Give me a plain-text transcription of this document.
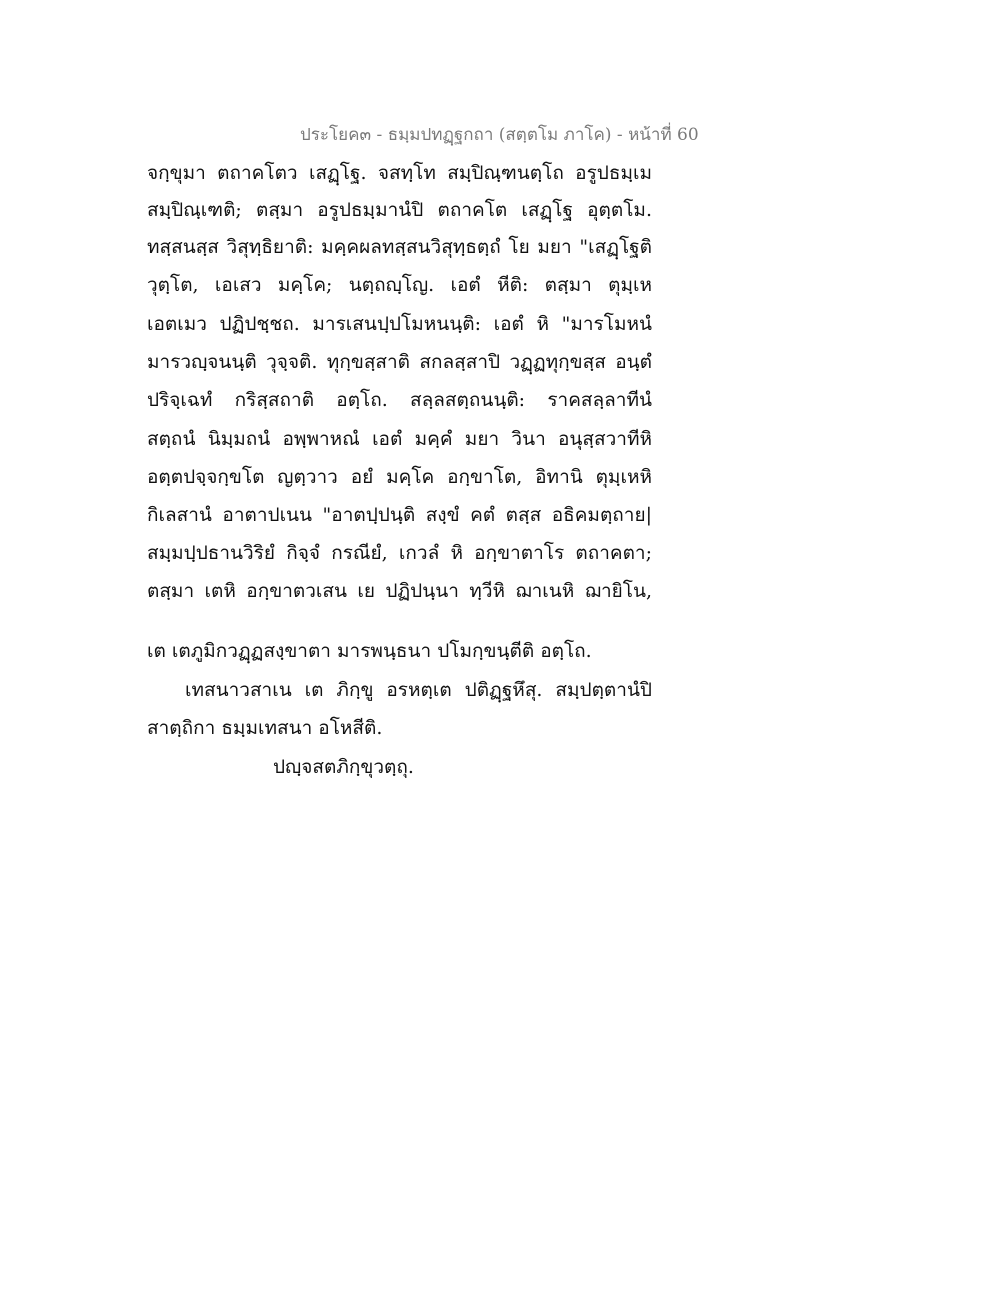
ประโยค๓ - ธมฺมปทฏฺฐกถา (สตฺตโม ภาโค) - หน้าที่ 60
จกฺขุมา ตถาคโตว เสฏฺโฐ. จสทฺโท สมฺปิณฺฑนตฺโถ อรูปธมฺเม
สมฺปิณฺเฑติ; ตสฺมา อรูปธมฺมานํปิ ตถาคโต เสฏฺโฐ อุตฺตโม.
ทสฺสนสฺส วิสุทฺธิยาติ: มคฺคผลทสฺสนวิสุทฺธตฺถํ โย มยา "เสฏฺโฐติ
วุตฺโต, เอเสว มคฺโค; นตฺถญฺโญ. เอตํ หีติ: ตสฺมา ตุมฺเห
เอตเมว ปฏิปชฺชถ. มารเสนปฺปโมหนนฺติ: เอตํ หิ "มารโมหนํ
มารวญฺจนนฺติ วุจฺจติ. ทุกฺขสฺสาติ สกลสฺสาปิ วฏฺฏทุกฺขสฺส อนฺตํ
ปริจฺเฉทํ กริสฺสถาติ อตฺโถ. สลฺลสตฺถนนฺติ: ราคสลฺลาทีนํ
สตฺถนํ นิมฺมถนํ อพฺพาหณํ เอตํ มคฺคํ มยา วินา อนุสฺสวาทีหิ
อตฺตปจฺจกฺขโต ญตฺวาว อยํ มคฺโค อกฺขาโต, อิทานิ ตุมฺเหหิ
กิเลสานํ อาตาปเนน "อาตปฺปนฺติ สงฺขํ คตํ ตสฺส อธิคมตฺถาย|
สมฺมปฺปธานวิริยํ กิจฺจํ กรณียํ, เกวลํ หิ อกฺขาตาโร ตถาคตา;
ตสฺมา เตหิ อกฺขาตวเสน เย ปฏิปนฺนา ทฺวีหิ ฌาเนหิ ฌายิโน,
เต เตภูมิกวฏฺฏสงฺขาตา มารพนฺธนา ปโมกฺขนฺตีติ อตฺโถ.
เทสนาวสาเน เต ภิกฺขู อรหตฺเต ปติฏฺฐหึสุ. สมฺปตฺตานํปิ
สาตฺถิกา ธมฺมเทสนา อโหสีติ.
ปญฺจสตภิกฺขุวตฺถุ.
